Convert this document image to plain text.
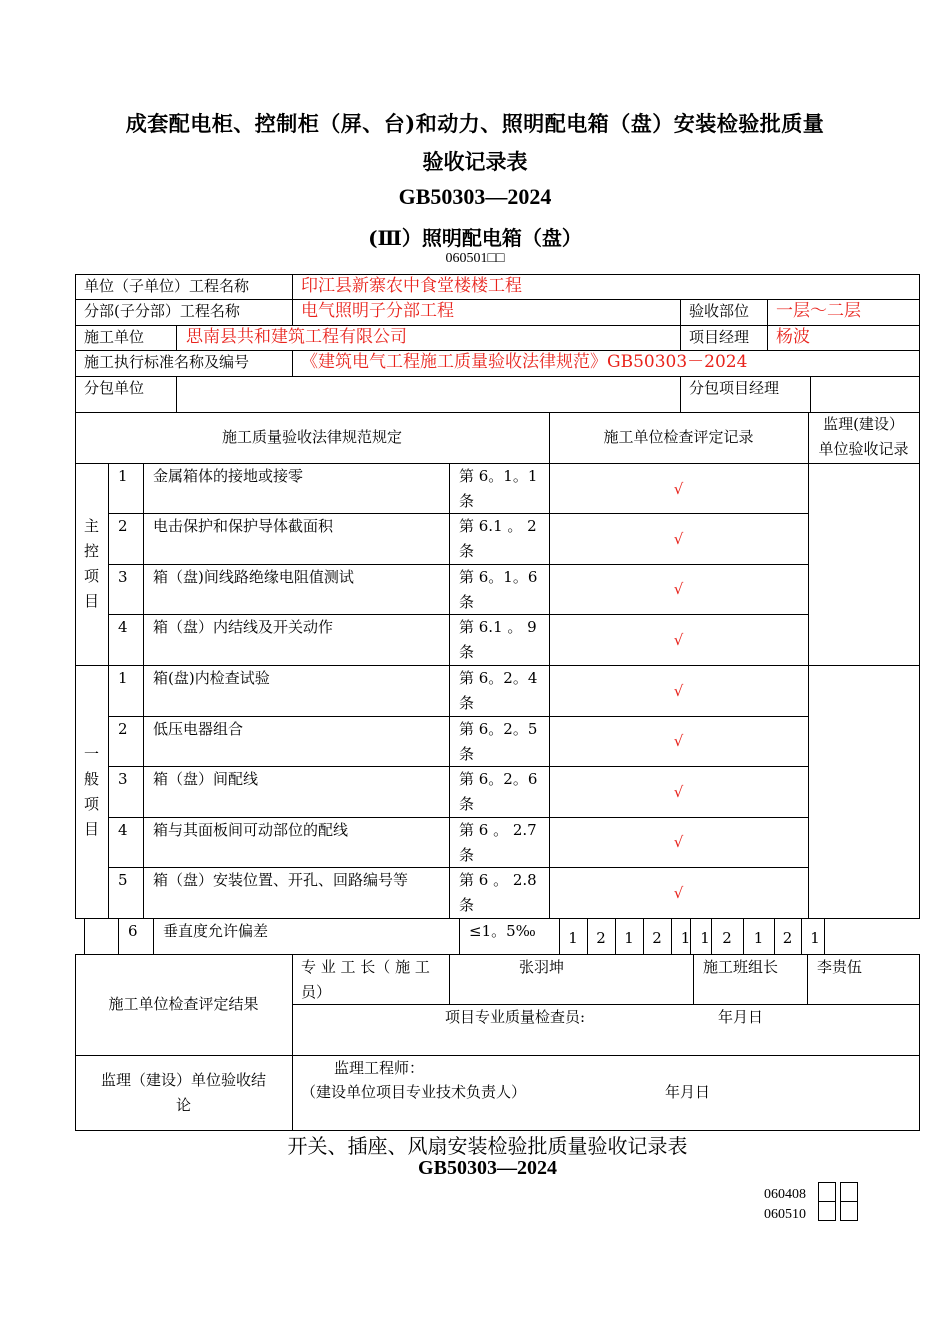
成套配电柜、控制柜（屏、台)和动力、照明配电箱（盘）安装检验批质量
验收记录表
GB50303—2024
(Ⅲ）照明配电箱（盘）
060501□□
单位（子单位）工程名称	印江县新寨农中食堂楼楼工程
分部(子分部）工程名称	电气照明子分部工程	验收部位 一层～二层
施工单位 思南县共和建筑工程有限公司	项目经理 杨波
施工执行标准名称及编号	《建筑电气工程施工质量验收法律规范》GB50303－2024
分包单位	分包项目经理
施工质量验收法律规范规定	施工单位检查评定记录
监理(建设）
单位验收记录
主
控
项
目
一
般
项
目
1 金属箱体的接地或接零	第 6。1。1
条
√
2 电击保护和保护导体截面积	第 6.1 。 2
条
√
3 箱（盘)间线路绝缘电阻值测试	第 6。1。6
条
√
4 箱（盘）内结线及开关动作	第 6.1 。 9
条
√
1 箱(盘)内检查试验	第 6。2。4
条
√
2 低压电器组合	第 6。2。5
条
√
3 箱（盘）间配线	第 6。2。6
条
√
4 箱与其面板间可动部位的配线	第 6 。 2.7
条
√
5 箱（盘）安装位置、开孔、回路编号等	第 6 。 2.8
条
√
6 垂直度允许偏差	≤1。5‰	1	2	1	2	1 1 2	1	2	1
施工单位检查评定结果
专 业 工 长（ 施 工
员）
张羽坤	施工班组长	李贵伍
项目专业质量检查员:	年月日
监理（建设）单位验收结
论
监理工程师：
（建设单位项目专业技术负责人）	年月日
开关、插座、风扇安装检验批质量验收记录表
GB50303—2024
060408
060510
